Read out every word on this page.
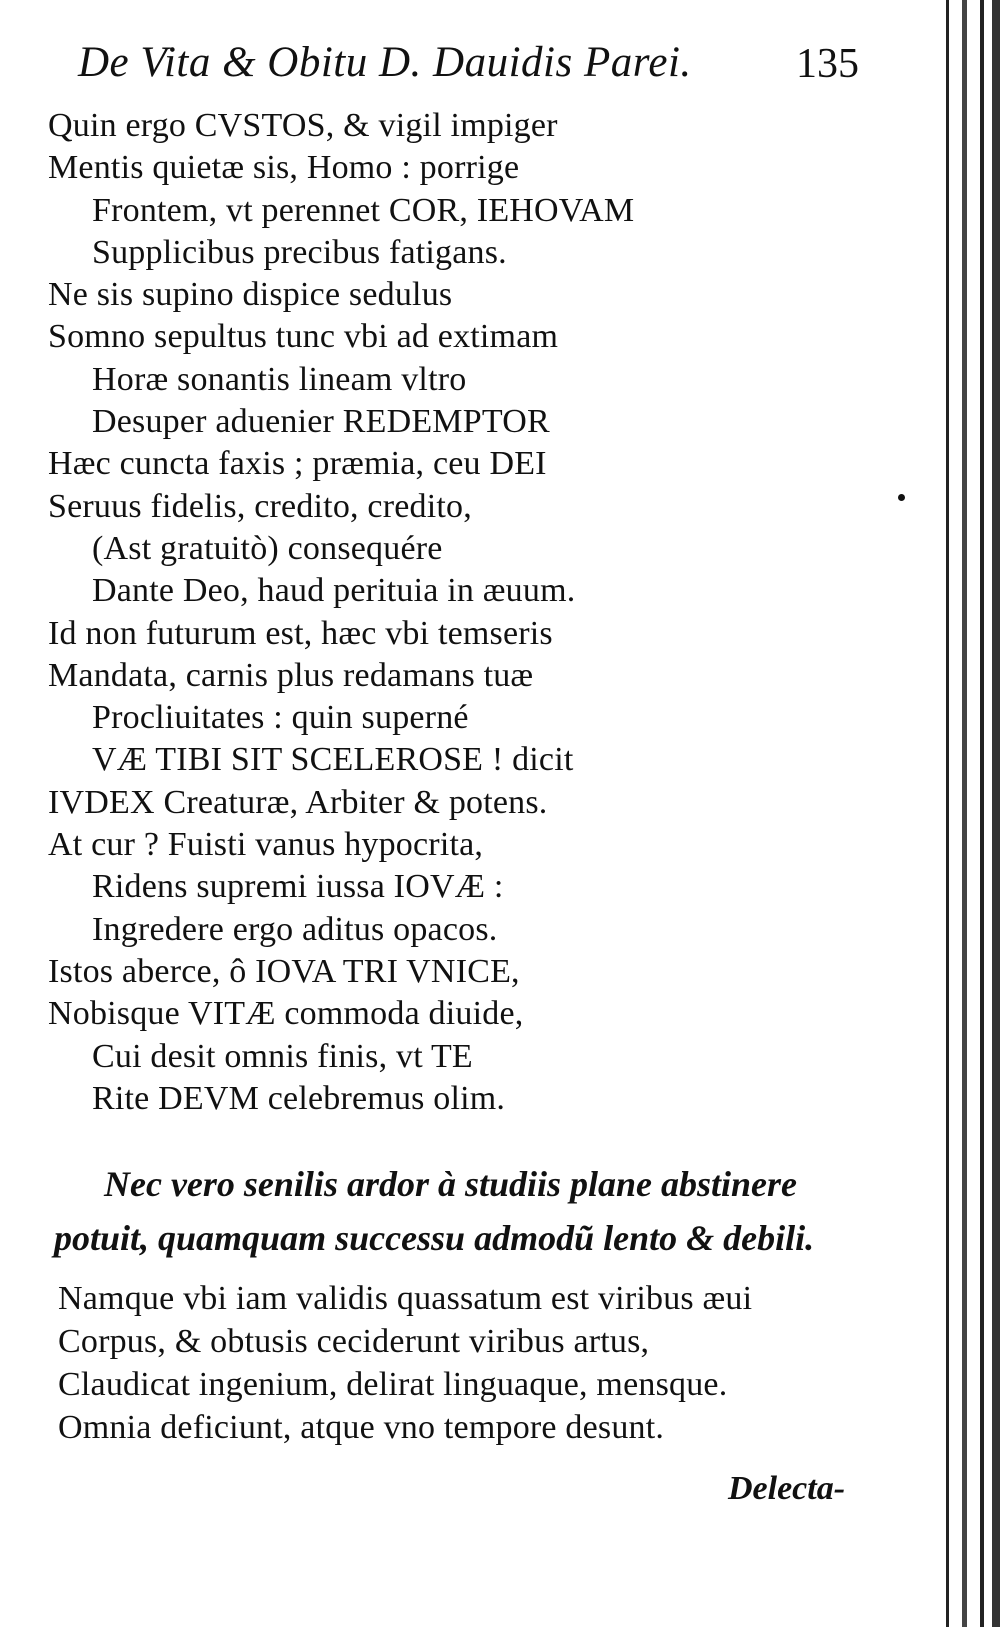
De Vita & Obitu D. Dauidis Parei. 135
Quin ergo CVSTOS, & vigil impiger
Mentis quietæ sis, Homo : porrige
Frontem, vt perennet COR, IEHOVAM
Supplicibus precibus fatigans.
Ne sis supino dispice sedulus
Somno sepultus tunc vbi ad extimam
Horæ sonantis lineam vltro
Desuper aduenier REDEMPTOR
Hæc cuncta faxis ; præmia, ceu DEI
Seruus fidelis, credito, credito,
(Ast gratuitò) consequére
Dante Deo, haud perituia in æuum.
Id non futurum est, hæc vbi temseris
Mandata, carnis plus redamans tuæ
Procliuitates : quin superné
VÆ TIBI SIT SCELEROSE ! dicit
IVDEX Creaturæ, Arbiter & potens.
At cur ? Fuisti vanus hypocrita,
Ridens supremi iussa IOVÆ :
Ingredere ergo aditus opacos.
Istos aberce, ô IOVA TRI VNICE,
Nobisque VITÆ commoda diuide,
Cui desit omnis finis, vt TE
Rite DEVM celebremus olim.
Nec vero senilis ardor à studiis plane abstinere
potuit, quamquam successu admodũ lento & debili.
Namque vbi iam validis quassatum est viribus æui
Corpus, & obtusis ceciderunt viribus artus,
Claudicat ingenium, delirat linguaque, mensque.
Omnia deficiunt, atque vno tempore desunt.
Delecta-
